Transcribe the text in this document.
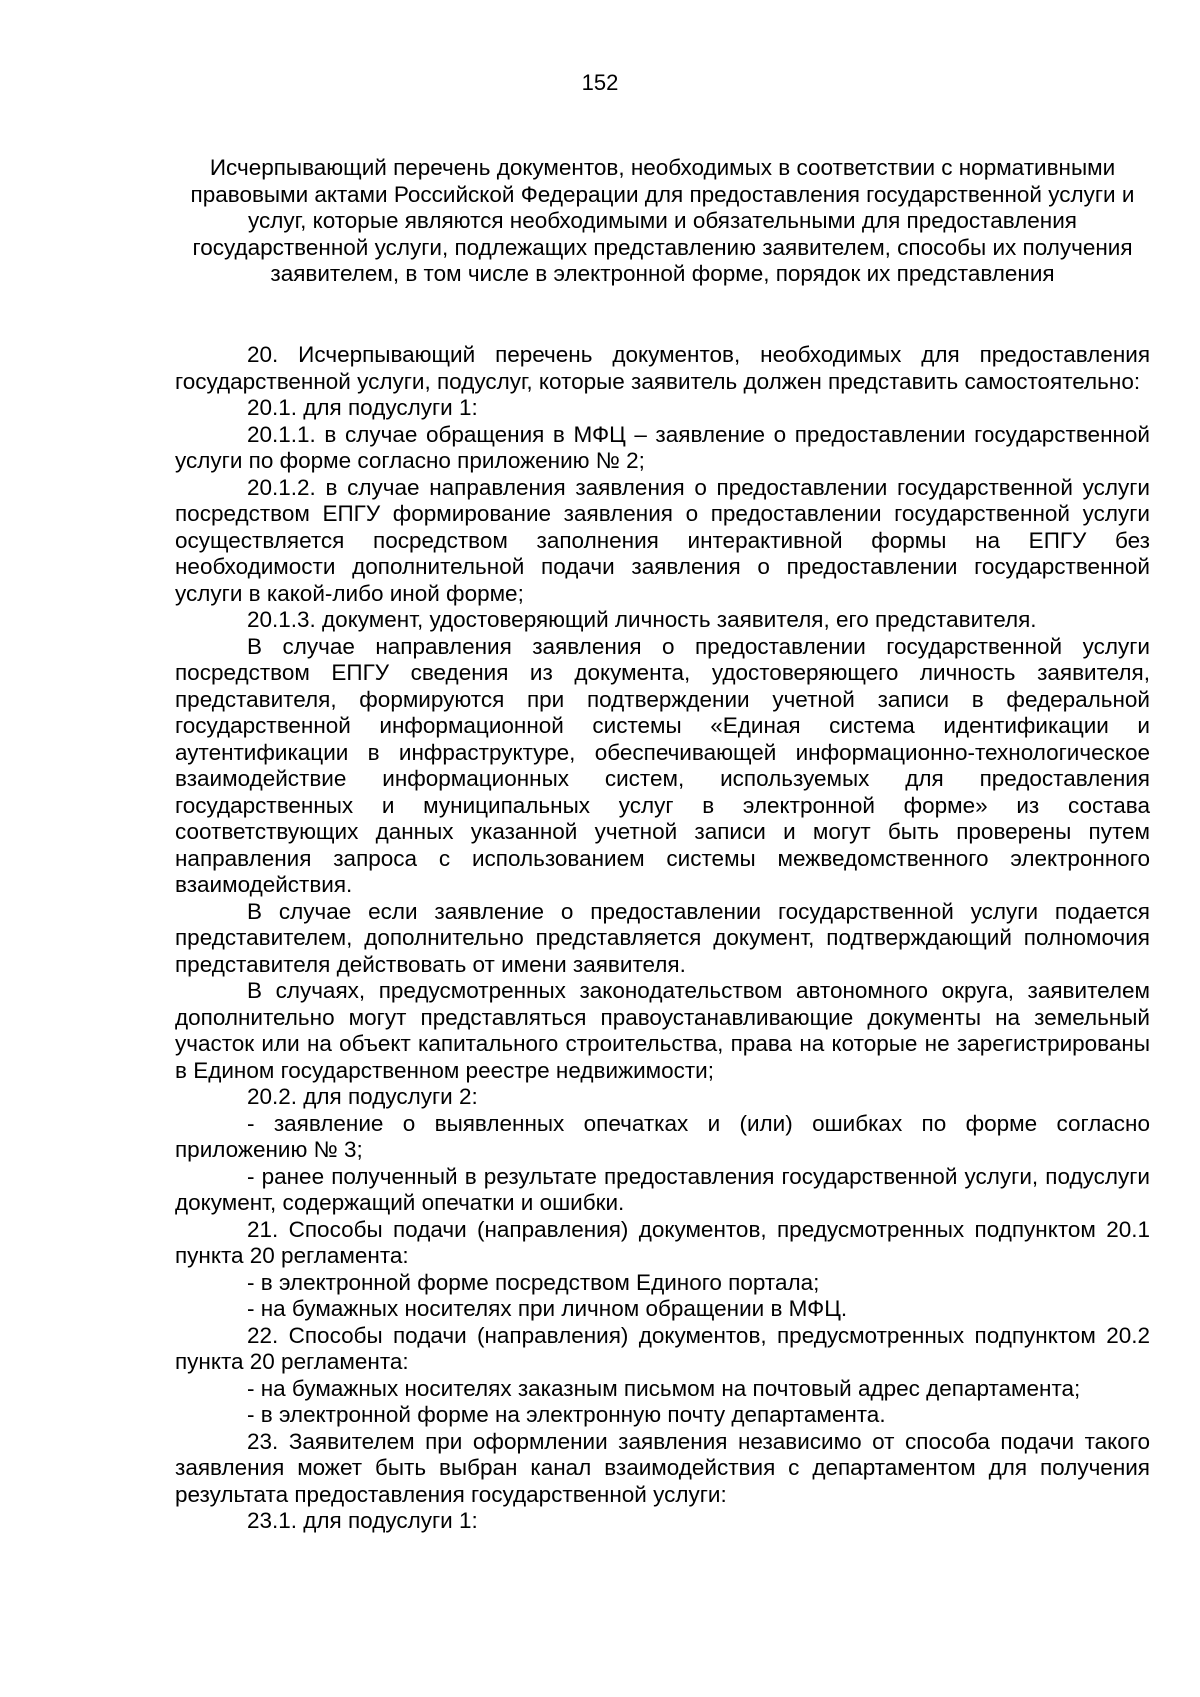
152
Исчерпывающий перечень документов, необходимых в соответствии с нормативными правовыми актами Российской Федерации для предоставления государственной услуги и услуг, которые являются необходимыми и обязательными для предоставления государственной услуги, подлежащих представлению заявителем, способы их получения заявителем, в том числе в электронной форме, порядок их представления

20. Исчерпывающий перечень документов, необходимых для предоставления государственной услуги, подуслуг, которые заявитель должен представить самостоятельно:

20.1. для подуслуги 1:

20.1.1. в случае обращения в МФЦ – заявление о предоставлении государственной услуги по форме согласно приложению № 2;

20.1.2. в случае направления заявления о предоставлении государственной услуги посредством ЕПГУ формирование заявления о предоставлении государственной услуги осуществляется посредством заполнения интерактивной формы на ЕПГУ без необходимости дополнительной подачи заявления о предоставлении государственной услуги в какой-либо иной форме;

20.1.3. документ, удостоверяющий личность заявителя, его представителя.

В случае направления заявления о предоставлении государственной услуги посредством ЕПГУ сведения из документа, удостоверяющего личность заявителя, представителя, формируются при подтверждении учетной записи в федеральной государственной информационной системы «Единая система идентификации и аутентификации в инфраструктуре, обеспечивающей информационно-технологическое взаимодействие информационных систем, используемых для предоставления государственных и муниципальных услуг в электронной форме» из состава соответствующих данных указанной учетной записи и могут быть проверены путем направления запроса с использованием системы межведомственного электронного взаимодействия.

В случае если заявление о предоставлении государственной услуги подается представителем, дополнительно представляется документ, подтверждающий полномочия представителя действовать от имени заявителя.

В случаях, предусмотренных законодательством автономного округа, заявителем дополнительно могут представляться правоустанавливающие документы на земельный участок или на объект капитального строительства, права на которые не зарегистрированы в Едином государственном реестре недвижимости;

20.2. для подуслуги 2:

- заявление о выявленных опечатках и (или) ошибках по форме согласно приложению № 3;

- ранее полученный в результате предоставления государственной услуги, подуслуги документ, содержащий опечатки и ошибки.

21. Способы подачи (направления) документов, предусмотренных подпунктом 20.1 пункта 20 регламента:

- в электронной форме посредством Единого портала;

- на бумажных носителях при личном обращении в МФЦ.

22. Способы подачи (направления) документов, предусмотренных подпунктом 20.2 пункта 20 регламента:

- на бумажных носителях заказным письмом на почтовый адрес департамента;

- в электронной форме на электронную почту департамента.

23. Заявителем при оформлении заявления независимо от способа подачи такого заявления может быть выбран канал взаимодействия с департаментом для получения результата предоставления государственной услуги:

23.1. для подуслуги 1:
